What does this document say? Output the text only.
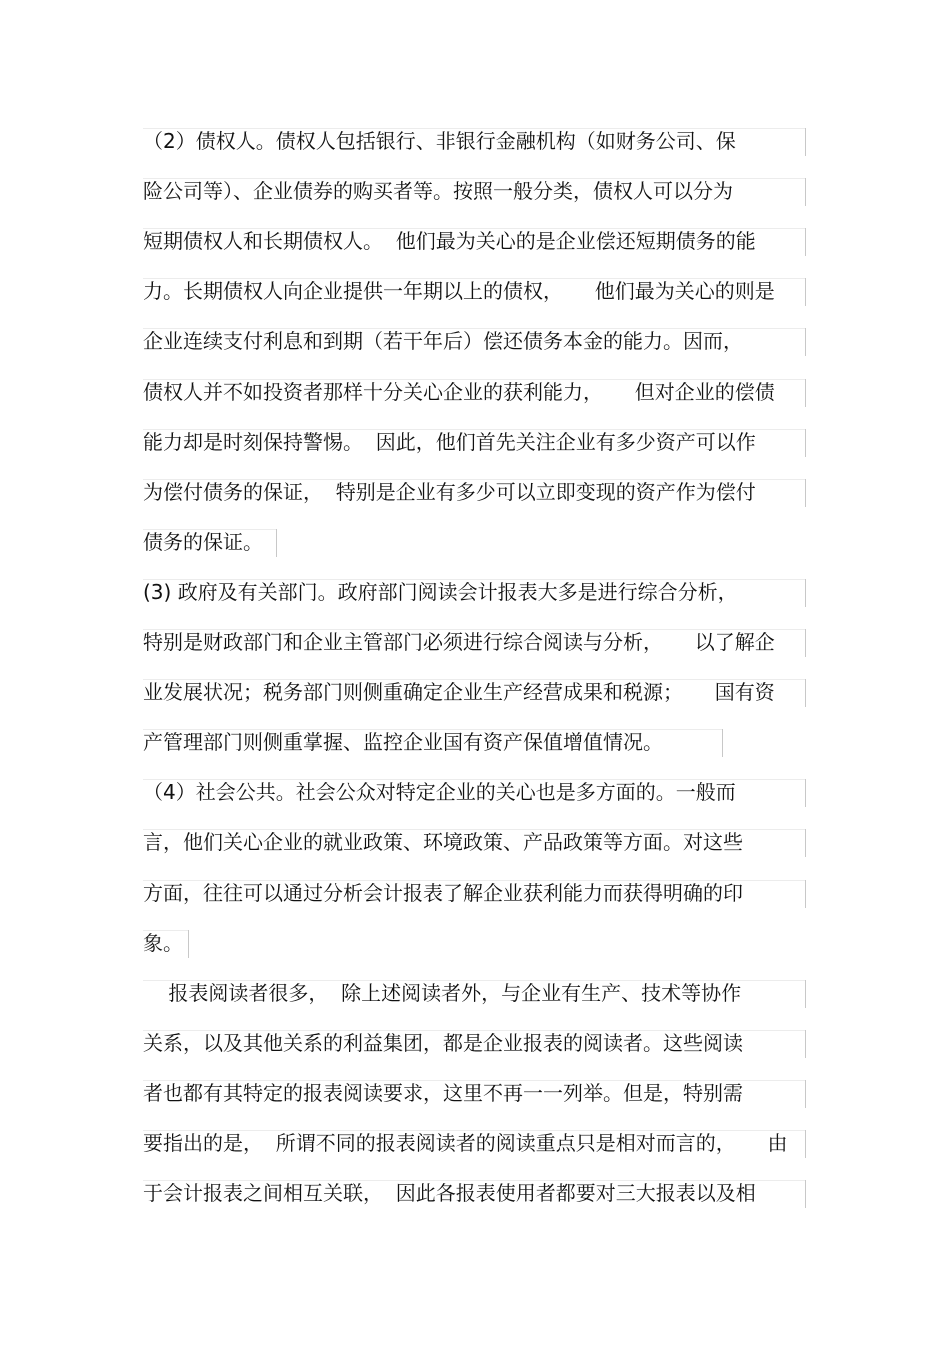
（2）债权人。债权人包括银行、非银行金融机构（如财务公司、保
险公司等）、企业债券的购买者等。按照一般分类，债权人可以分为
短期债权人和长期债权人。  他们最为关心的是企业偿还短期债务的能
力。长期债权人向企业提供一年期以上的债权，     他们最为关心的则是
企业连续支付利息和到期（若干年后）偿还债务本金的能力。因而，
债权人并不如投资者那样十分关心企业的获利能力，     但对企业的偿债
能力却是时刻保持警惕。  因此，他们首先关注企业有多少资产可以作
为偿付债务的保证，  特别是企业有多少可以立即变现的资产作为偿付
债务的保证。
(3) 政府及有关部门。政府部门阅读会计报表大多是进行综合分析，
特别是财政部门和企业主管部门必须进行综合阅读与分析，     以了解企
业发展状况；税务部门则侧重确定企业生产经营成果和税源；     国有资
产管理部门则侧重掌握、监控企业国有资产保值增值情况。
（4）社会公共。社会公众对特定企业的关心也是多方面的。一般而
言，他们关心企业的就业政策、环境政策、产品政策等方面。对这些
方面，往往可以通过分析会计报表了解企业获利能力而获得明确的印
象。
报表阅读者很多，  除上述阅读者外，与企业有生产、技术等协作
关系，以及其他关系的利益集团，都是企业报表的阅读者。这些阅读
者也都有其特定的报表阅读要求，这里不再一一列举。但是，特别需
要指出的是，  所谓不同的报表阅读者的阅读重点只是相对而言的，     由
于会计报表之间相互关联，  因此各报表使用者都要对三大报表以及相
